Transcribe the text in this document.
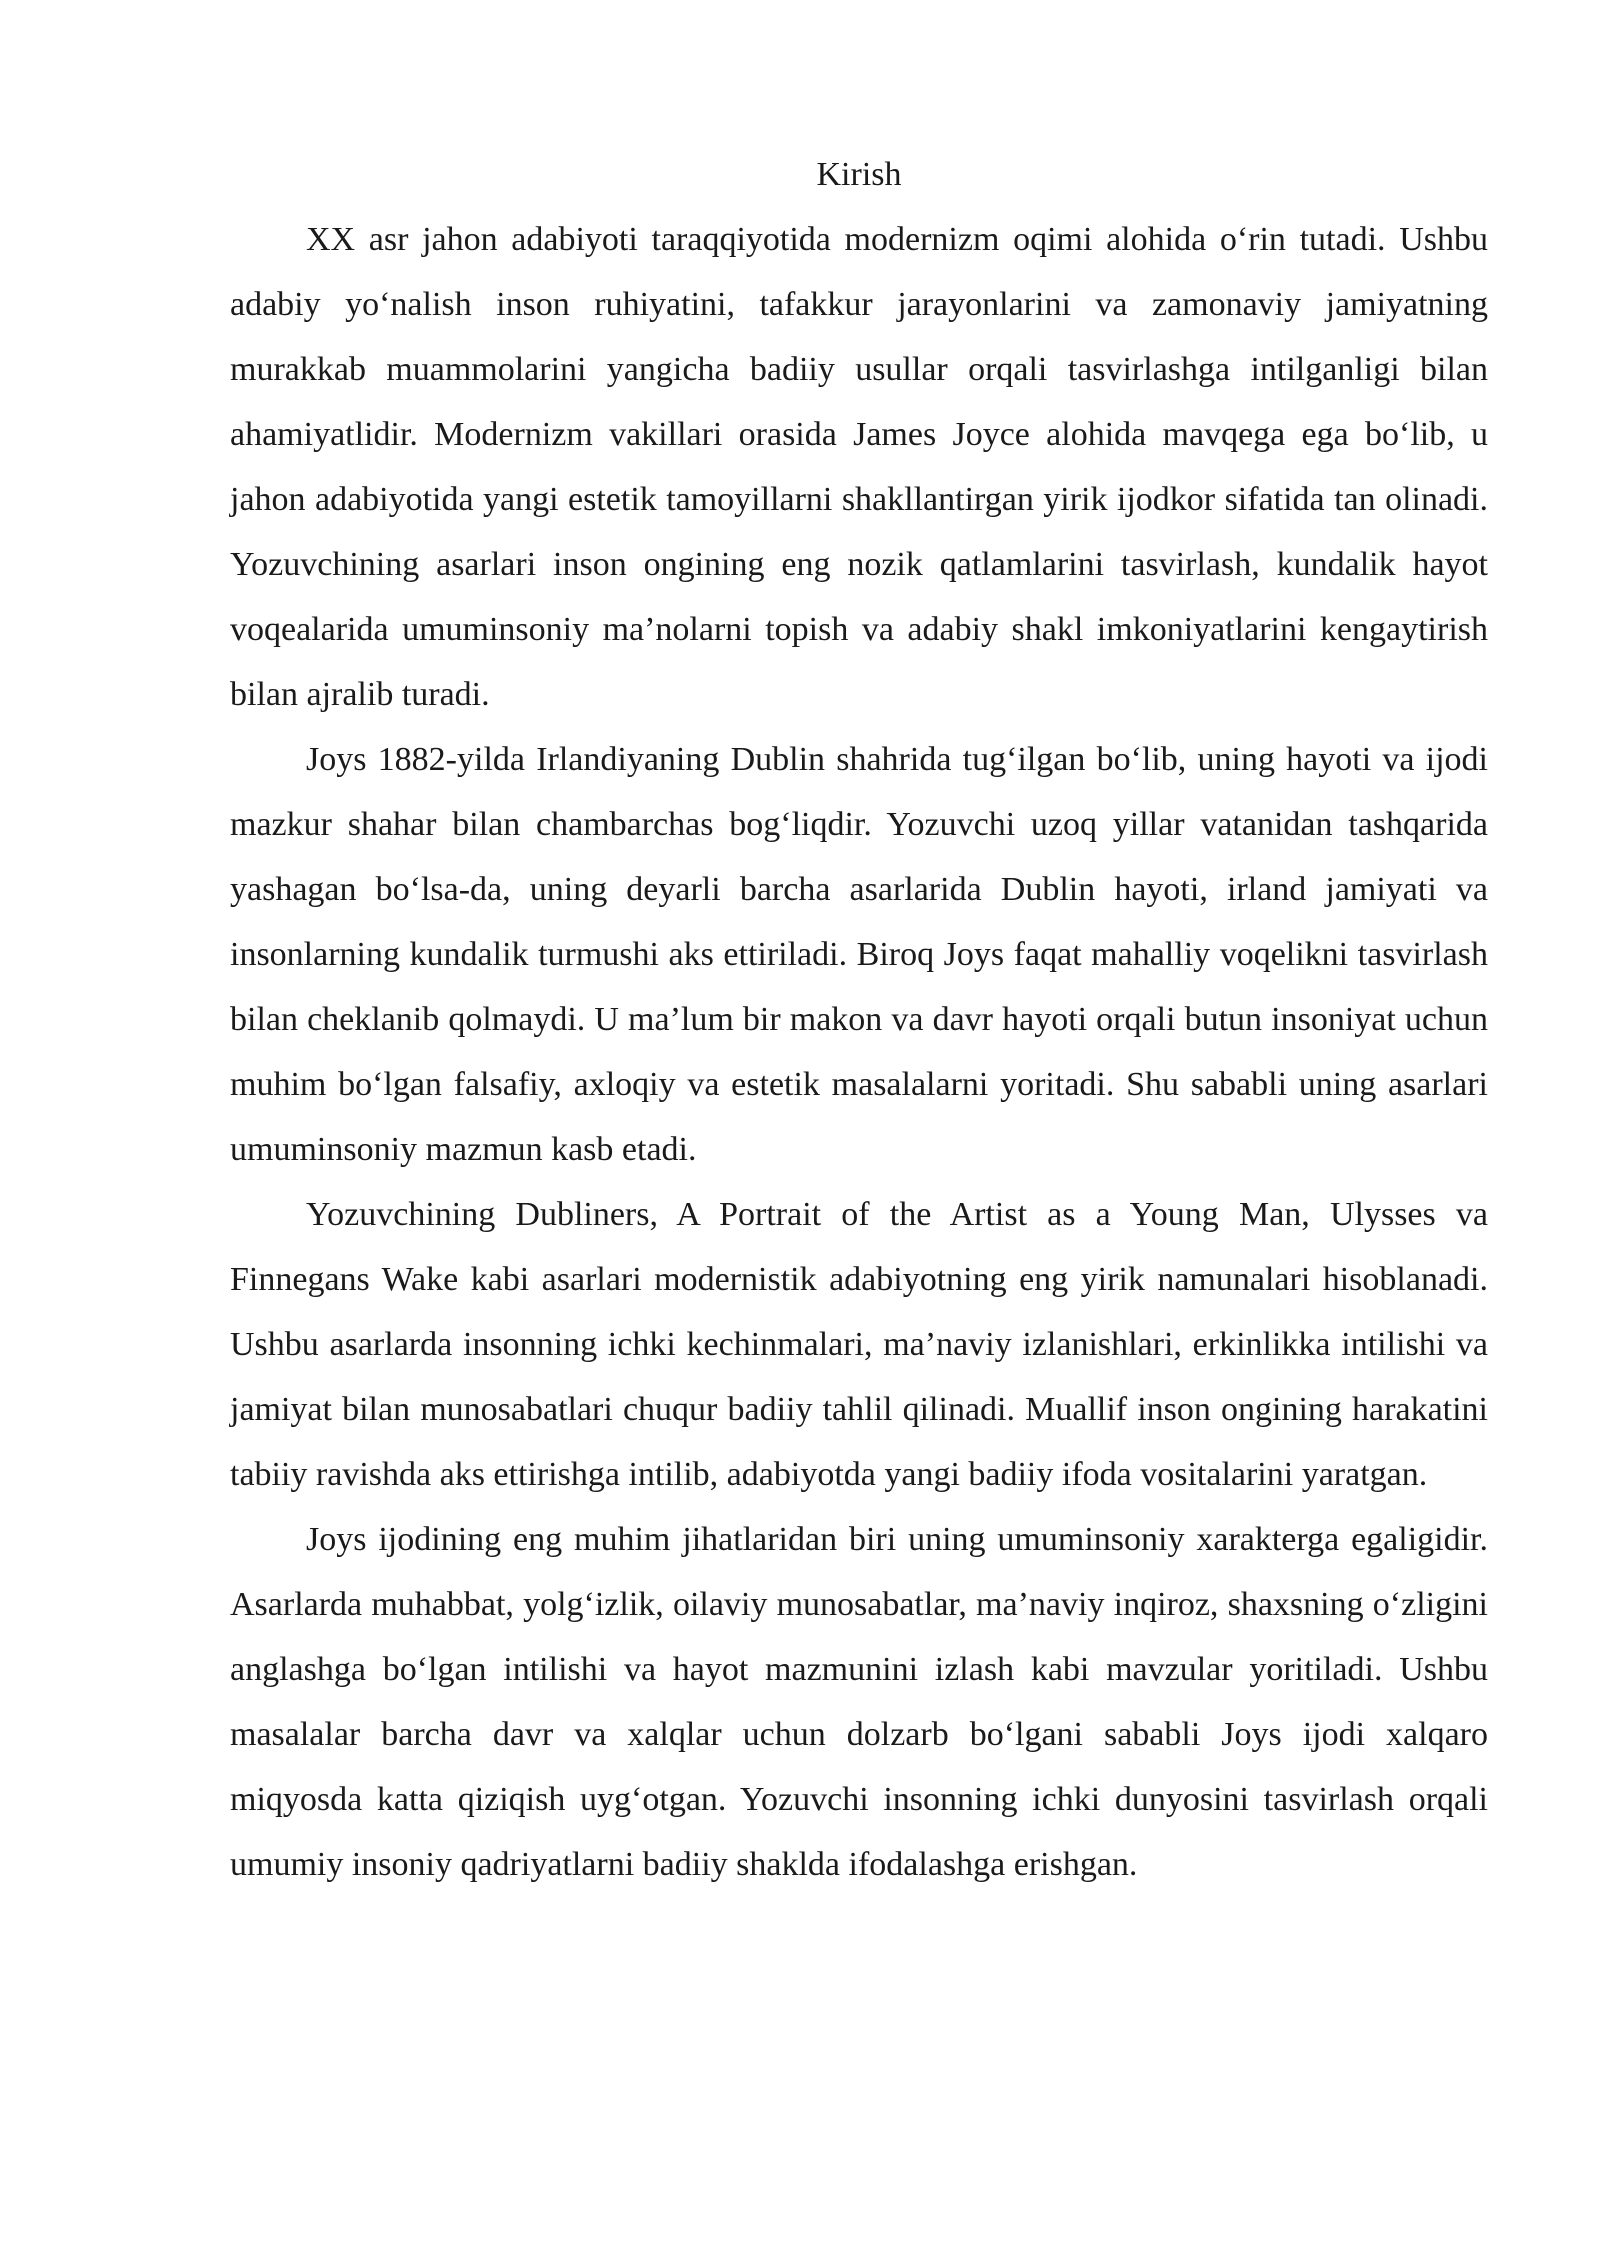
Kirish

XX asr jahon adabiyoti taraqqiyotida modernizm oqimi alohida o‘rin tutadi. Ushbu adabiy yo‘nalish inson ruhiyatini, tafakkur jarayonlarini va zamonaviy jamiyatning murakkab muammolarini yangicha badiiy usullar orqali tasvirlashga intilganligi bilan ahamiyatlidir. Modernizm vakillari orasida James Joyce alohida mavqega ega bo‘lib, u jahon adabiyotida yangi estetik tamoyillarni shakllantirgan yirik ijodkor sifatida tan olinadi. Yozuvchining asarlari inson ongining eng nozik qatlamlarini tasvirlash, kundalik hayot voqealarida umuminsoniy ma’nolarni topish va adabiy shakl imkoniyatlarini kengaytirish bilan ajralib turadi.

Joys 1882-yilda Irlandiyaning Dublin shahrida tug‘ilgan bo‘lib, uning hayoti va ijodi mazkur shahar bilan chambarchas bog‘liqdir. Yozuvchi uzoq yillar vatanidan tashqarida yashagan bo‘lsa-da, uning deyarli barcha asarlarida Dublin hayoti, irland jamiyati va insonlarning kundalik turmushi aks ettiriladi. Biroq Joys faqat mahalliy voqelikni tasvirlash bilan cheklanib qolmaydi. U ma’lum bir makon va davr hayoti orqali butun insoniyat uchun muhim bo‘lgan falsafiy, axloqiy va estetik masalalarni yoritadi. Shu sababli uning asarlari umuminsoniy mazmun kasb etadi.

Yozuvchining Dubliners, A Portrait of the Artist as a Young Man, Ulysses va Finnegans Wake kabi asarlari modernistik adabiyotning eng yirik namunalari hisoblanadi. Ushbu asarlarda insonning ichki kechinmalari, ma’naviy izlanishlari, erkinlikka intilishi va jamiyat bilan munosabatlari chuqur badiiy tahlil qilinadi. Muallif inson ongining harakatini tabiiy ravishda aks ettirishga intilib, adabiyotda yangi badiiy ifoda vositalarini yaratgan.

Joys ijodining eng muhim jihatlaridan biri uning umuminsoniy xarakterga egaligidir. Asarlarda muhabbat, yolg‘izlik, oilaviy munosabatlar, ma’naviy inqiroz, shaxsning o‘zligini anglashga bo‘lgan intilishi va hayot mazmunini izlash kabi mavzular yoritiladi. Ushbu masalalar barcha davr va xalqlar uchun dolzarb bo‘lgani sababli Joys ijodi xalqaro miqyosda katta qiziqish uyg‘otgan. Yozuvchi insonning ichki dunyosini tasvirlash orqali umumiy insoniy qadriyatlarni badiiy shaklda ifodalashga erishgan.
